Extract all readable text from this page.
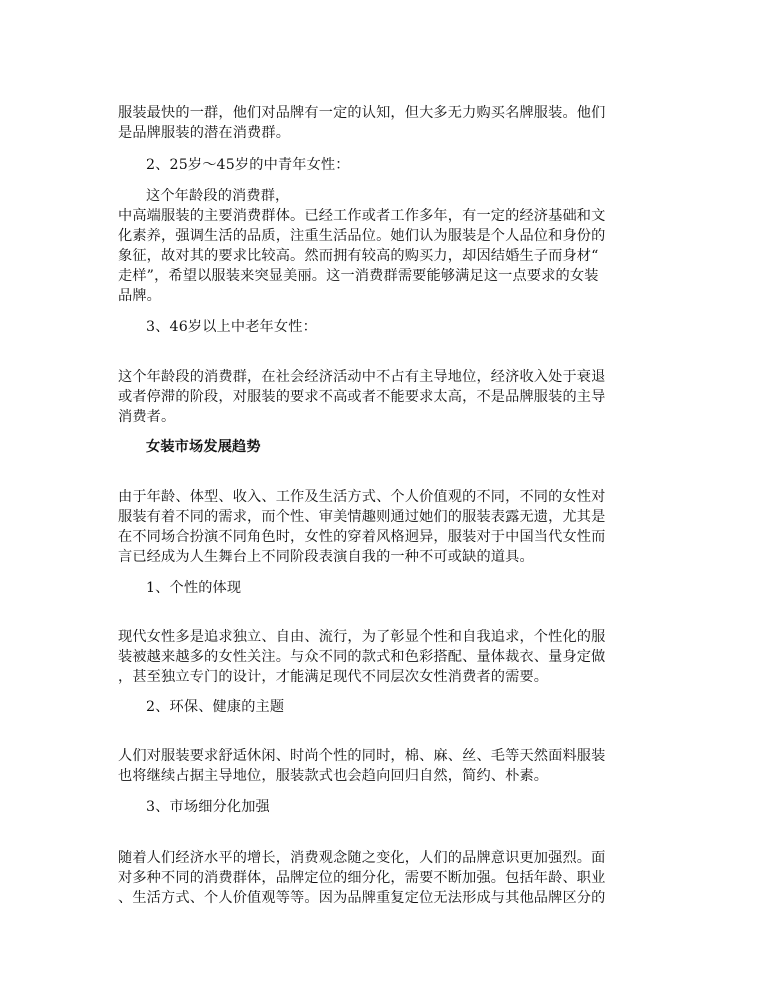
服装最快的一群，他们对品牌有一定的认知，但大多无力购买名牌服装。他们
是品牌服装的潜在消费群。
2、25岁～45岁的中青年女性：
这个年龄段的消费群，
中高端服装的主要消费群体。已经工作或者工作多年，有一定的经济基础和文
化素养，强调生活的品质，注重生活品位。她们认为服装是个人品位和身份的
象征，故对其的要求比较高。然而拥有较高的购买力，却因结婚生子而身材“
走样”，希望以服装来突显美丽。这一消费群需要能够满足这一点要求的女装
品牌。
3、46岁以上中老年女性：
这个年龄段的消费群，在社会经济活动中不占有主导地位，经济收入处于衰退
或者停滞的阶段，对服装的要求不高或者不能要求太高，不是品牌服装的主导
消费者。
女装市场发展趋势
由于年龄、体型、收入、工作及生活方式、个人价值观的不同，不同的女性对
服装有着不同的需求，而个性、审美情趣则通过她们的服装表露无遗，尤其是
在不同场合扮演不同角色时，女性的穿着风格迥异，服装对于中国当代女性而
言已经成为人生舞台上不同阶段表演自我的一种不可或缺的道具。
1、个性的体现
现代女性多是追求独立、自由、流行，为了彰显个性和自我追求，个性化的服
装被越来越多的女性关注。与众不同的款式和色彩搭配、量体裁衣、量身定做
，甚至独立专门的设计，才能满足现代不同层次女性消费者的需要。
2、环保、健康的主题
人们对服装要求舒适休闲、时尚个性的同时，棉、麻、丝、毛等天然面料服装
也将继续占据主导地位，服装款式也会趋向回归自然，简约、朴素。
3、市场细分化加强
随着人们经济水平的增长，消费观念随之变化，人们的品牌意识更加强烈。面
对多种不同的消费群体，品牌定位的细分化，需要不断加强。包括年龄、职业
、生活方式、个人价值观等等。因为品牌重复定位无法形成与其他品牌区分的
